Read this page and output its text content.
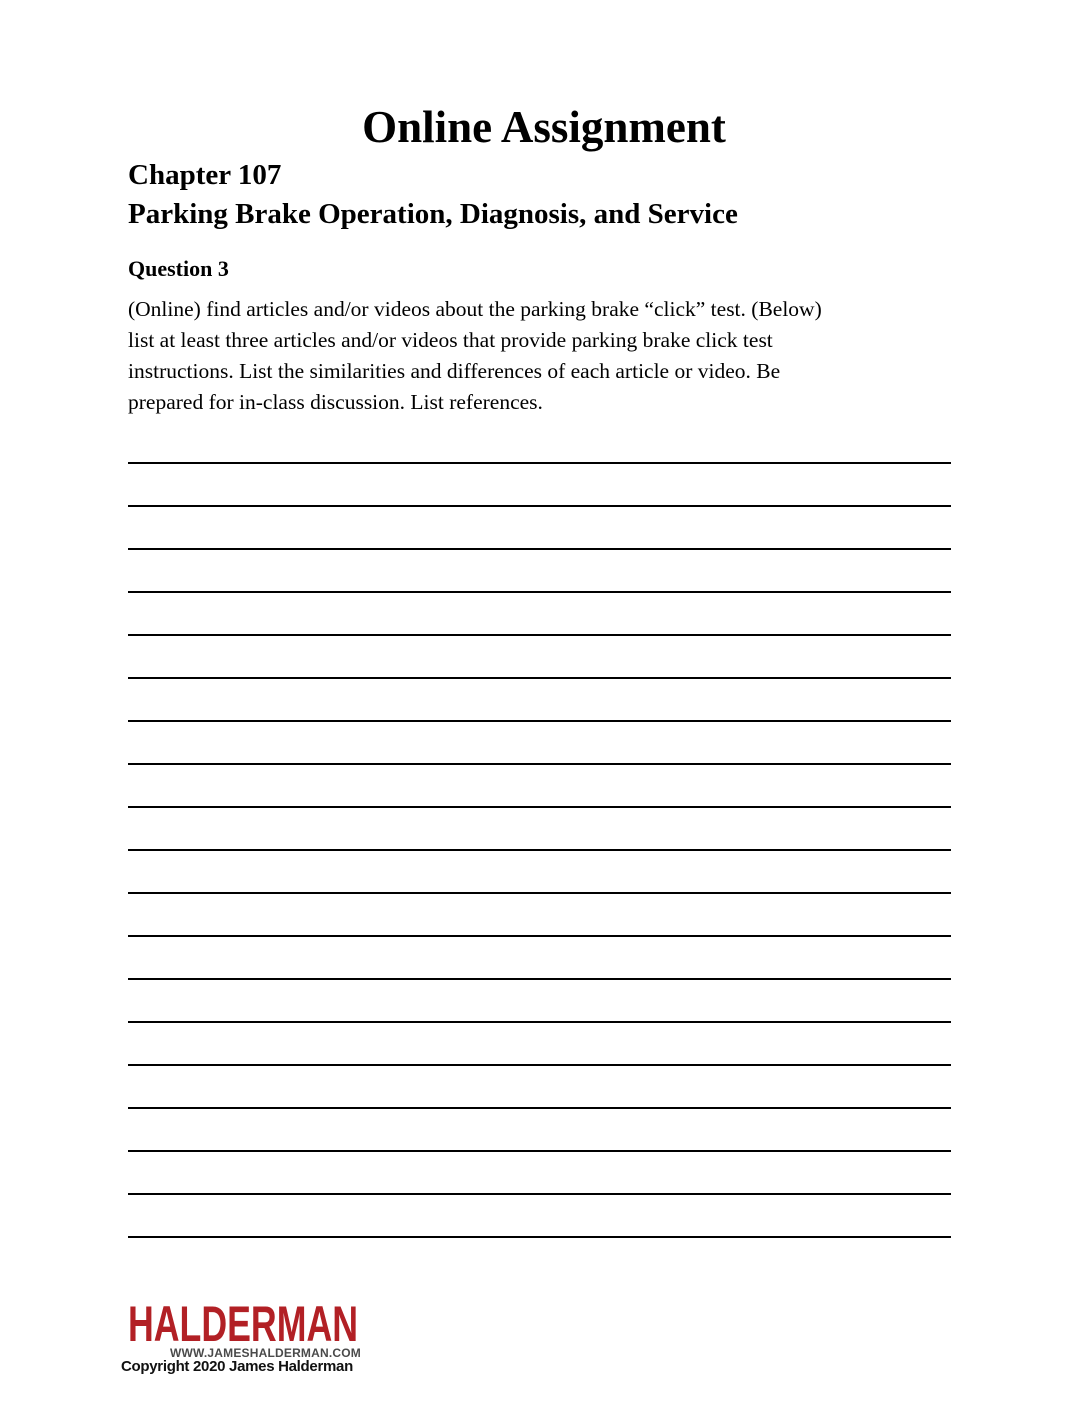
Online Assignment
Chapter 107
Parking Brake Operation, Diagnosis, and Service
Question 3
(Online) find articles and/or videos about the parking brake “click” test. (Below)
list at least three articles and/or videos that provide parking brake click test
instructions. List the similarities and differences of each article or video. Be
prepared for in-class discussion. List references.
HALDERMAN
WWW.JAMESHALDERMAN.COM
Copyright 2020 James Halderman
